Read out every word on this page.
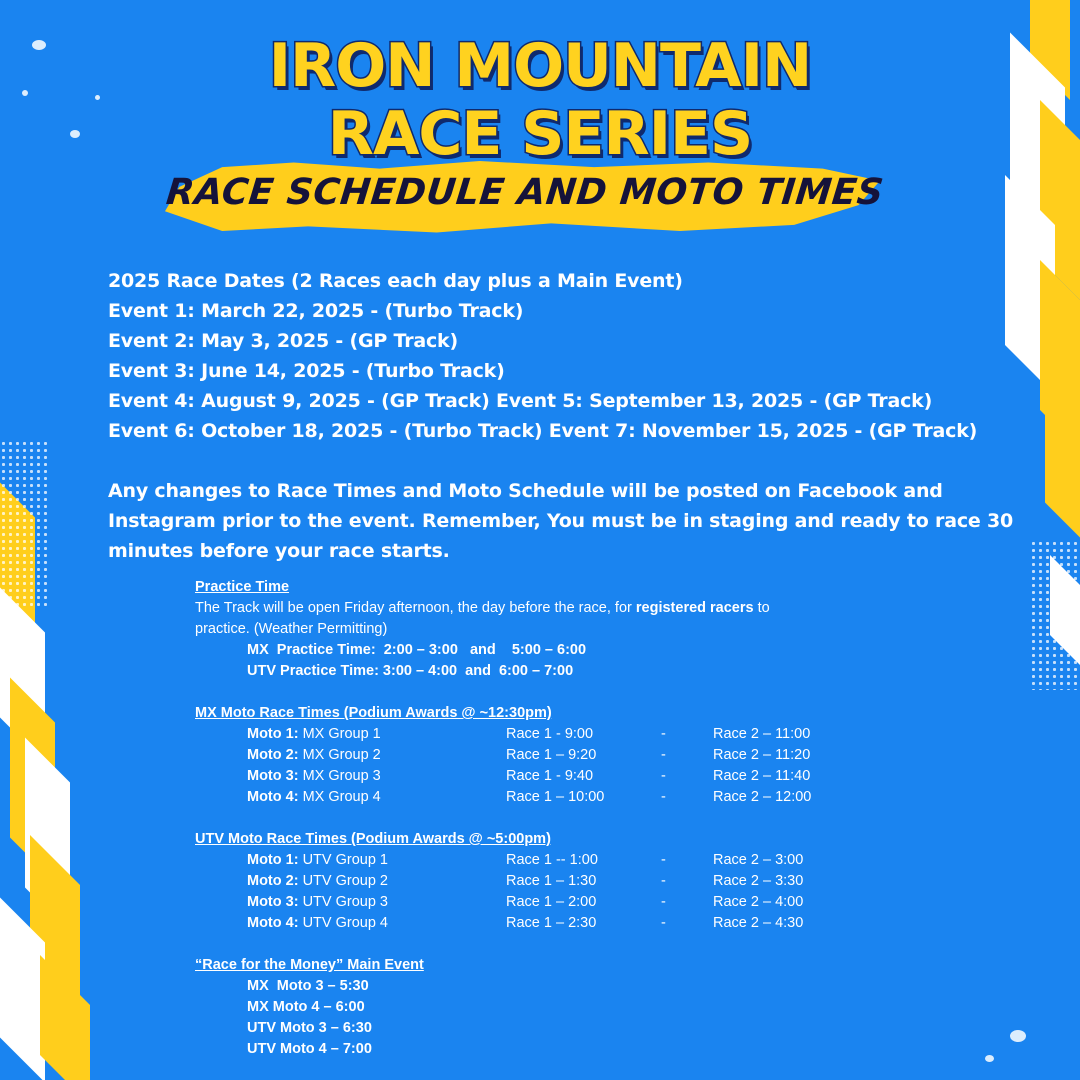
IRON MOUNTAIN
RACE SERIES
RACE SCHEDULE AND MOTO TIMES
2025 Race Dates (2 Races each day plus a Main Event)
Event 1: March 22, 2025 - (Turbo Track)
Event 2: May 3, 2025 - (GP Track)
Event 3: June 14, 2025 - (Turbo Track)
Event 4: August 9, 2025 - (GP Track) Event 5: September 13, 2025 - (GP Track)
Event 6: October 18, 2025 - (Turbo Track) Event 7: November 15, 2025 - (GP Track)
Any changes to Race Times and Moto Schedule will be posted on Facebook and Instagram prior to the event. Remember, You must be in staging and ready to race 30 minutes before your race starts.
Practice Time
The Track will be open Friday afternoon, the day before the race, for registered racers to
practice. (Weather Permitting)
MX  Practice Time:  2:00 – 3:00   and    5:00 – 6:00
UTV Practice Time: 3:00 – 4:00  and  6:00 – 7:00
MX Moto Race Times (Podium Awards @ ~12:30pm)
Moto 1: MX Group 1	Race 1 - 9:00	-	Race 2 – 11:00
Moto 2: MX Group 2	Race 1 – 9:20	-	Race 2 – 11:20
Moto 3: MX Group 3	Race 1 - 9:40	-	Race 2 – 11:40
Moto 4: MX Group 4	Race 1 – 10:00	-	Race 2 – 12:00
UTV Moto Race Times (Podium Awards @ ~5:00pm)
Moto 1: UTV Group 1	Race 1 -- 1:00	-	Race 2 – 3:00
Moto 2: UTV Group 2	Race 1 – 1:30	-	Race 2 – 3:30
Moto 3: UTV Group 3	Race 1 – 2:00	-	Race 2 – 4:00
Moto 4: UTV Group 4	Race 1 – 2:30	-	Race 2 – 4:30
“Race for the Money” Main Event
MX  Moto 3 – 5:30
MX Moto 4 – 6:00
UTV Moto 3 – 6:30
UTV Moto 4 – 7:00
